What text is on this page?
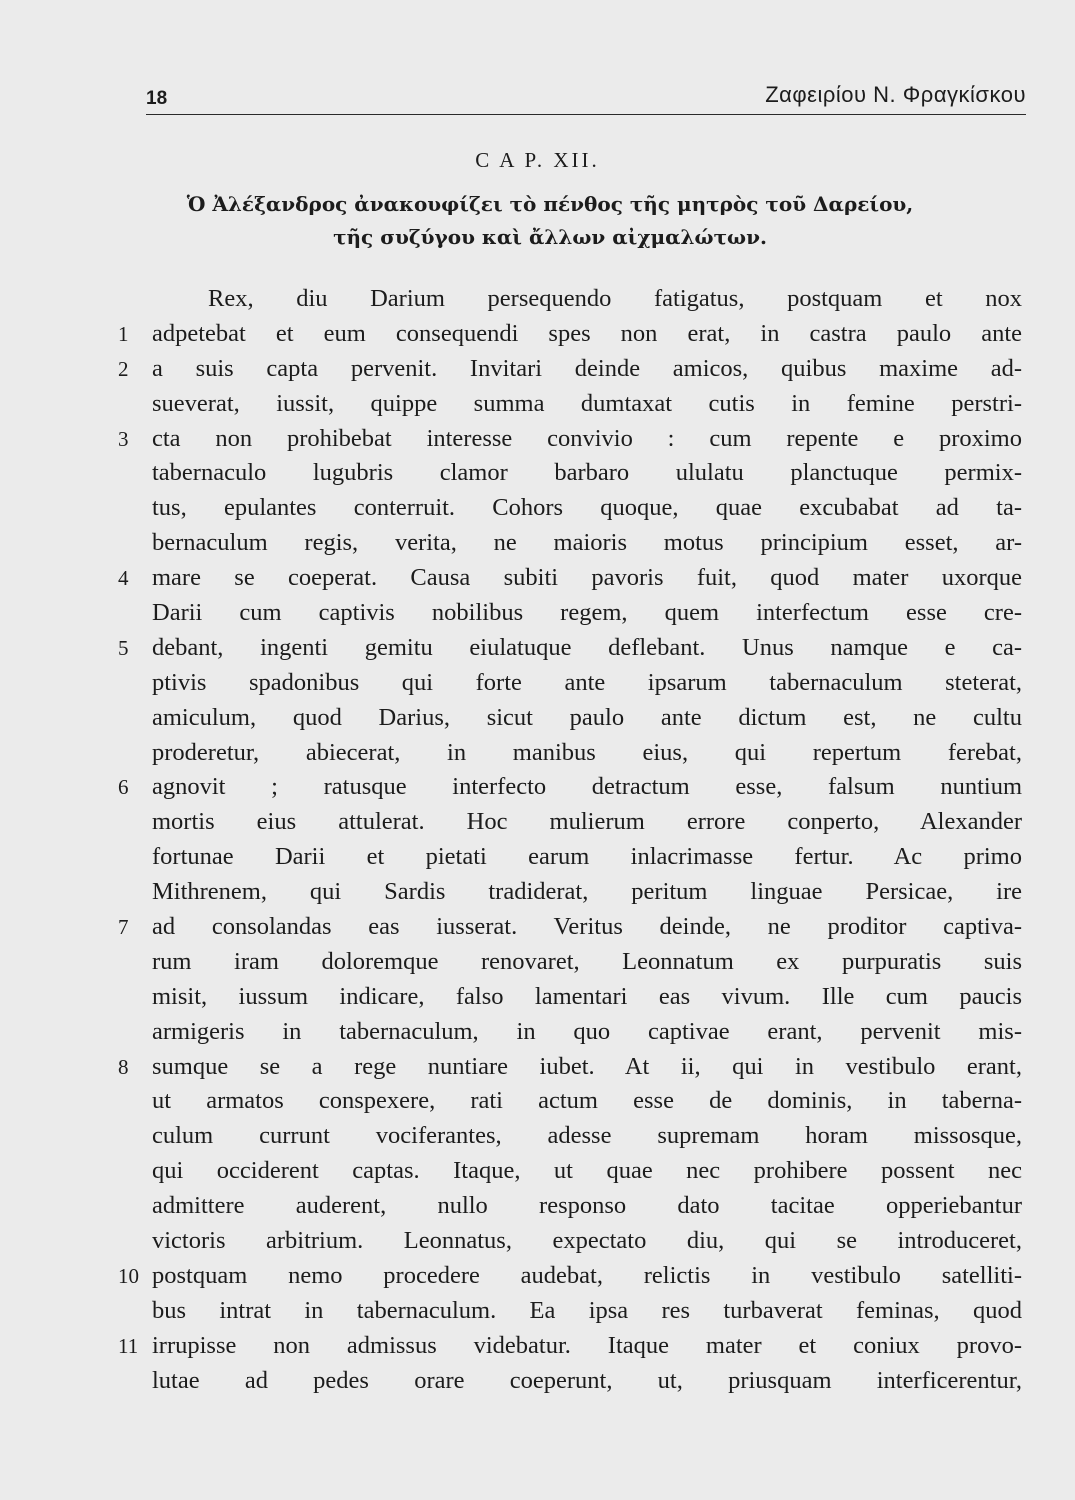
18	Ζαφειρίου Ν. Φραγκίσκου
C A P. XII.
Ὁ Ἀλέξανδρος ἀνακουφίζει τὸ πένθος τῆς μητρὸς τοῦ Δαρείου,
τῆς συζύγου καὶ ἄλλων αἰχμαλώτων.
Rex, diu Darium persequendo fatigatus, postquam et nox
1 adpetebat et eum consequendi spes non erat, in castra paulo ante
2 a suis capta pervenit. Invitari deinde amicos, quibus maxime ad-
sueverat, iussit, quippe summa dumtaxat cutis in femine perstri-
3 cta non prohibebat interesse convivio : cum repente e proximo
tabernaculo lugubris clamor barbaro ululatu planctuque permix-
tus, epulantes conterruit. Cohors quoque, quae excubabat ad ta-
bernaculum regis, verita, ne maioris motus principium esset, ar-
4 mare se coeperat. Causa subiti pavoris fuit, quod mater uxorque
Darii cum captivis nobilibus regem, quem interfectum esse cre-
5 debant, ingenti gemitu eiulatuque deflebant. Unus namque e ca-
ptivis spadonibus qui forte ante ipsarum tabernaculum steterat,
amiculum, quod Darius, sicut paulo ante dictum est, ne cultu
proderetur, abiecerat, in manibus eius, qui repertum ferebat,
6 agnovit ; ratusque interfecto detractum esse, falsum nuntium
mortis eius attulerat. Hoc mulierum errore conperto, Alexander
fortunae Darii et pietati earum inlacrimasse fertur. Ac primo
Mithrenem, qui Sardis tradiderat, peritum linguae Persicae, ire
7 ad consolandas eas iusserat. Veritus deinde, ne proditor captiva-
rum iram doloremque renovaret, Leonnatum ex purpuratis suis
misit, iussum indicare, falso lamentari eas vivum. Ille cum paucis
armigeris in tabernaculum, in quo captivae erant, pervenit mis-
8 sumque se a rege nuntiare iubet. At ii, qui in vestibulo erant,
ut armatos conspexere, rati actum esse de dominis, in taberna-
culum currunt vociferantes, adesse supremam horam missosque,
qui occiderent captas. Itaque, ut quae nec prohibere possent nec
admittere auderent, nullo responso dato tacitae opperiebantur
victoris arbitrium. Leonnatus, expectato diu, qui se introduceret,
10 postquam nemo procedere audebat, relictis in vestibulo satelliti-
bus intrat in tabernaculum. Ea ipsa res turbaverat feminas, quod
11 irrupisse non admissus videbatur. Itaque mater et coniux provo-
lutae ad pedes orare coeperunt, ut, priusquam interficerentur,
